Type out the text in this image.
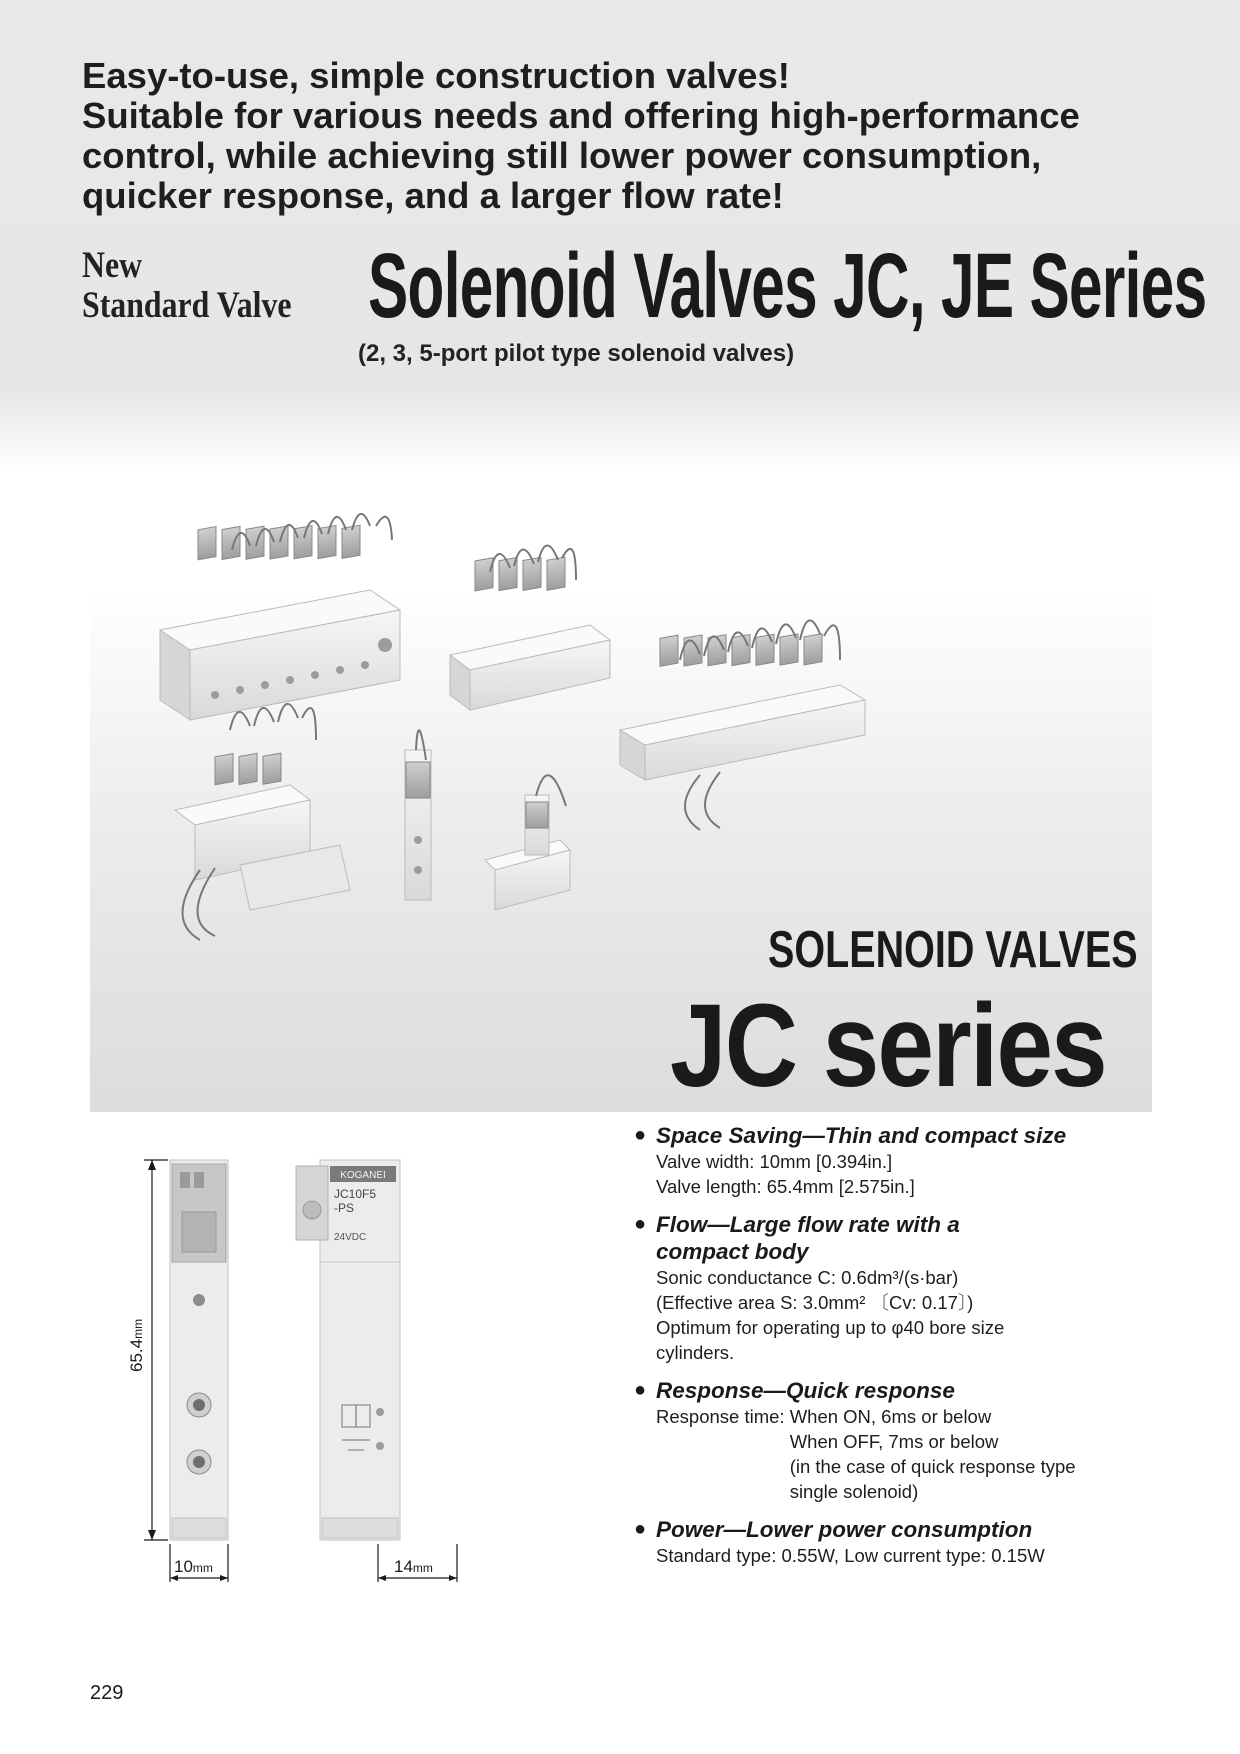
Easy-to-use, simple construction valves!
Suitable for various needs and offering high-performance
control, while achieving still lower power consumption,
quicker response, and a larger flow rate!

New
Standard Valve Solenoid Valves JC, JE Series
(2, 3, 5-port pilot type solenoid valves)
SOLENOID VALVES
JC series
65.4mm
10mm
KOGANEI
JC10F5
-PS
24VDC
14mm
● Space Saving—Thin and compact size
Valve width: 10mm [0.394in.]
Valve length: 65.4mm [2.575in.]
● Flow—Large flow rate with a
compact body
Sonic conductance C: 0.6dm³/(s·bar)
(Effective area S: 3.0mm² 〔Cv: 0.17〕)
Optimum for operating up to φ40 bore size
cylinders.
● Response—Quick response
Response time: When ON, 6ms or below
When OFF, 7ms or below
(in the case of quick response type
single solenoid)
● Power—Lower power consumption
Standard type: 0.55W, Low current type: 0.15W
229
